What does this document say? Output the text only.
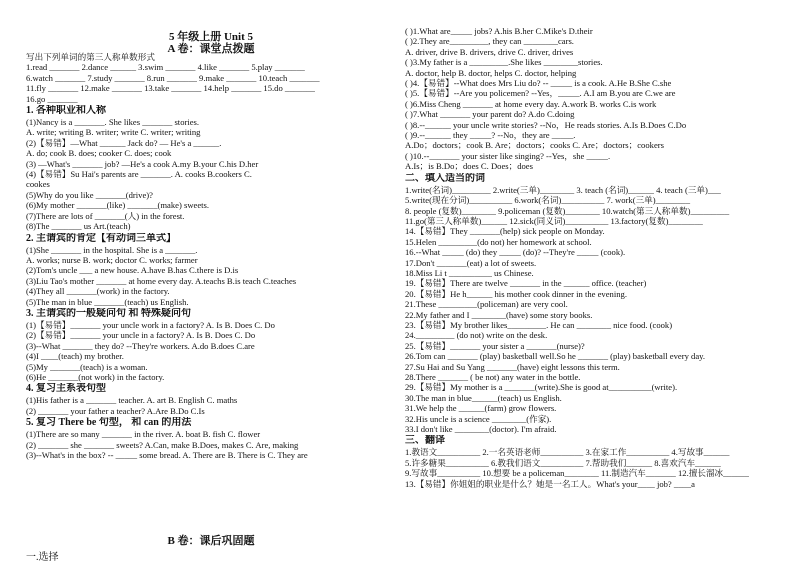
5 年级上册 Unit 5
A 卷：课堂点拨题
写出下列单词的第三人称单数形式
1.read _______ 2.dance ______ 3.swim _______ 4.like _______ 5.play _______
6.watch _______ 7.study _______ 8.run _______ 9.make _______ 10.teach _______
11.fly _______ 12.make _______ 13.take _______ 14.help _______ 15.do _______
16.go _______
1. 各种职业和人称
(1)Nancy is a _______. She likes _______ stories.
A. write; writing B. writer; write C. writer; writing
(2)【易错】—What ______ Jack do? — He's a ______.
A. do; cook B. does; cooker C. does; cook
(3) —What's _______ job? —He's a cook A.my B.your C.his D.her
(4)【易错】Su Hai's parents are _______. A. cooks B.cookers C.
cookes
(5)Why do you like _______(drive)?
(6)My mother _______(like) _______(make) sweets.
(7)There are lots of _______(人) in the forest.
(8)The _______ us Art.(teach)
2. 主谓宾的肯定【有动词三单式】
(1)She _______ in the hospital. She is a _______.
A. works; nurse B. work; doctor C. works; farmer
(2)Tom's uncle ___ a new house. A.have B.has C.there is D.is
(3)Liu Tao's mother _______ at home every day. A.teachs B.is teach C.teaches
(4)They all _______(work) in the factory.
(5)The man in blue _______(teach) us English.
3. 主谓宾的一般疑问句 和 特殊疑问句
(1)【易错】_______ your uncle work in a factory? A. Is B. Does C. Do
(2)【易错】_______ your uncle in a factory? A. Is B. Does C. Do
(3)--What _______ they do? --They're workers. A.do B.does C.are
(4)I ____(teach) my brother.
(5)My _______(teach) is a woman.
(6)He _______(not work) in the factory.
4. 复习主系表句型
(1)His father is a _______ teacher. A. art B. English C. maths
(2) _______ your father a teacher? A.Are B.Do C.Is
5. 复习 There be 句型， 和 can 的用法
(1)There are so many _______ in the river. A. boat B. fish C. flower
(2) _______ she _______ sweets? A.Can, make B.Does, makes C. Are, making
(3)--What's in the box? -- _____ some bread. A. There are B. There is C. They are
( )1.What are_____ jobs? A.his B.her C.Mike's D.their
( )2.They are_________, they can ________cars.
A. driver, drive B. drivers, drive C. driver, drives
( )3.My father is a _________.She likes ________stories.
A. doctor, help B. doctor, helps C. doctor, helping
( )4.【易错】--What does Mrs Liu do? -- _____ is a cook. A.He B.She C.she
( )5.【易错】--Are you policemen? --Yes，_____. A.I am B.you are C.we are
( )6.Miss Cheng _______ at home every day. A.work B. works C.is work
( )7.What _______ your parent do? A.do C.doing
( )8.--______ your uncle write stories? --No，He reads stories. A.Is B.Does C.Do
( )9.--______ they _____? --No，they are _____.
A.Do；doctors；cook B. Are；doctors；cooks C. Are；doctors；cookers
( )10.--_______ your sister like singing? --Yes，she _____.
A.Is；is B.Do；does C. Does；does
二、填入适当的词
1.write(名词)_________ 2.write(三单)________ 3. teach (名词)______ 4. teach (三单)___
5.write(现在分词)__________ 6.work(名词)__________ 7. work(三单)________
8. people (复数)________ 9.policeman (复数)________ 10.watch(第三人称单数)_________
11.go(第三人称单数)______ 12.sick(同义词)__________ 13.factory(复数)________
14.【易错】They _______(help) sick people on Monday.
15.Helen _________(do not) her homework at school.
16.--What _____ (do) they _____ (do)? --They're _____ (cook).
17.Don't _______(eat) a lot of sweets.
18.Miss Li t __________ us Chinese.
19.【易错】There are twelve _______ in the ______ office. (teacher)
20.【易错】He h______ his mother cook dinner in the evening.
21.These _________(policeman) are very cool.
22.My father and I ________(have) some story books.
23.【易错】My brother likes_________. He can ________ nice food. (cook)
24._________ (do not) write on the desk.
25.【易错】_______ your sister a _______(nurse)?
26.Tom can _______ (play) basketball well.So he _______ (play) basketball every day.
27.Su Hai and Su Yang _______(have) eight lessons this term.
28.There _______ ( be not) any water in the bottle.
29.【易错】My mother is a _______(write).She is good at__________(write).
30.The man in blue______(teach) us English.
31.We help the ______(farm) grow flowers.
32.His uncle is a science ________(作家).
33.I don't like ________(doctor). I'm afraid.
三、翻译
1.教语文__________ 2.一名英语老师__________ 3.在家工作__________ 4.写故事______
5.许多糖果__________ 6.教我们语文__________ 7.帮助我们______ 8.喜欢汽车______
9.写故事__________ 10.想要 be a policeman________ 11.制造汽车_______ 12.擅长溜冰______
13.【易错】你姐姐的职业是什么？她是一名工人。What's your____ job? ____a
B 卷：课后巩固题
一.选择
